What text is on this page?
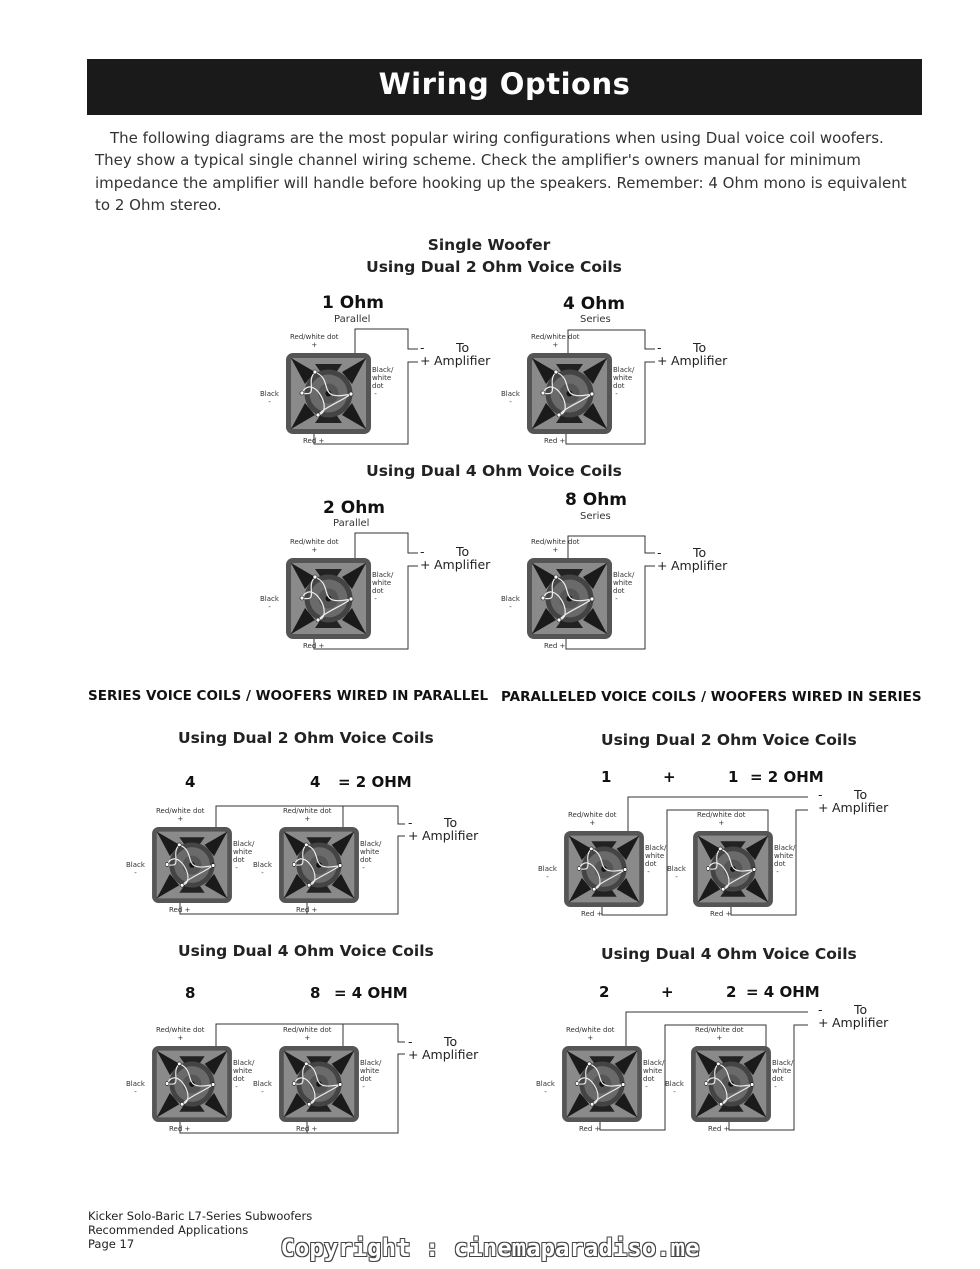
Wiring Options
The following diagrams are the most popular wiring configurations when using Dual voice coil woofers. They show a typical single channel wiring scheme. Check the amplifier's owners manual for minimum impedance the amplifier will handle before hooking up the speakers. Remember: 4 Ohm mono is equivalent to 2 Ohm stereo.
Single Woofer
Using Dual 2 Ohm Voice Coils
Using Dual 4 Ohm Voice Coils
1 Ohm
Parallel
4 Ohm
Series
2 Ohm
Parallel
8 Ohm
Series
SERIES VOICE COILS / WOOFERS WIRED IN PARALLEL PARALLELED VOICE COILS / WOOFERS WIRED IN SERIES
Using Dual 2 Ohm Voice Coils
4	4 = 2 OHM
Using Dual 4 Ohm Voice Coils
8	8 = 4 OHM
Using Dual 2 Ohm Voice Coils
1	+	1 = 2 OHM
Using Dual 4 Ohm Voice Coils
2	+	2 = 4 OHM
Red/white dot
+
Black
-
Black/
white
dot
-
Red +
Red/white dot
+
Black
-
Black/
white
dot
-
Red +
Red/white dot
+
Black
-
Black/
white
dot
-
Red +
Red/white dot
+
Black
-
Black/
white
dot
-
Red +
Red/white dot
+
Black
-
Black/
white
dot
-
Red +
Red/white dot
+
Black
-
Black/
white
dot
-
Red +
Red/white dot
+
Black
-
Black/
white
dot
-
Red +
Red/white dot
+
Black
-
Black/
white
dot
-
Red +
Red/white dot
+
Black
-
Black/
white
dot
-
Red +
Red/white dot
+
Black
-
Black/
white
dot
-
Red +
Red/white dot
+
Black
-
Black/
white
dot
-
Red +
Red/white dot
+
Black
-
Black/
white
dot
-
Red +
-	To
+ Amplifier
-	To
+ Amplifier
-	To
+ Amplifier
-	To
+ Amplifier
-	To
+ Amplifier
-	To
+ Amplifier
-	To
+ Amplifier
-	To
+ Amplifier
Kicker Solo-Baric L7-Series Subwoofers
Recommended Applications
Page 17	Copyright : cinemaparadiso.me
